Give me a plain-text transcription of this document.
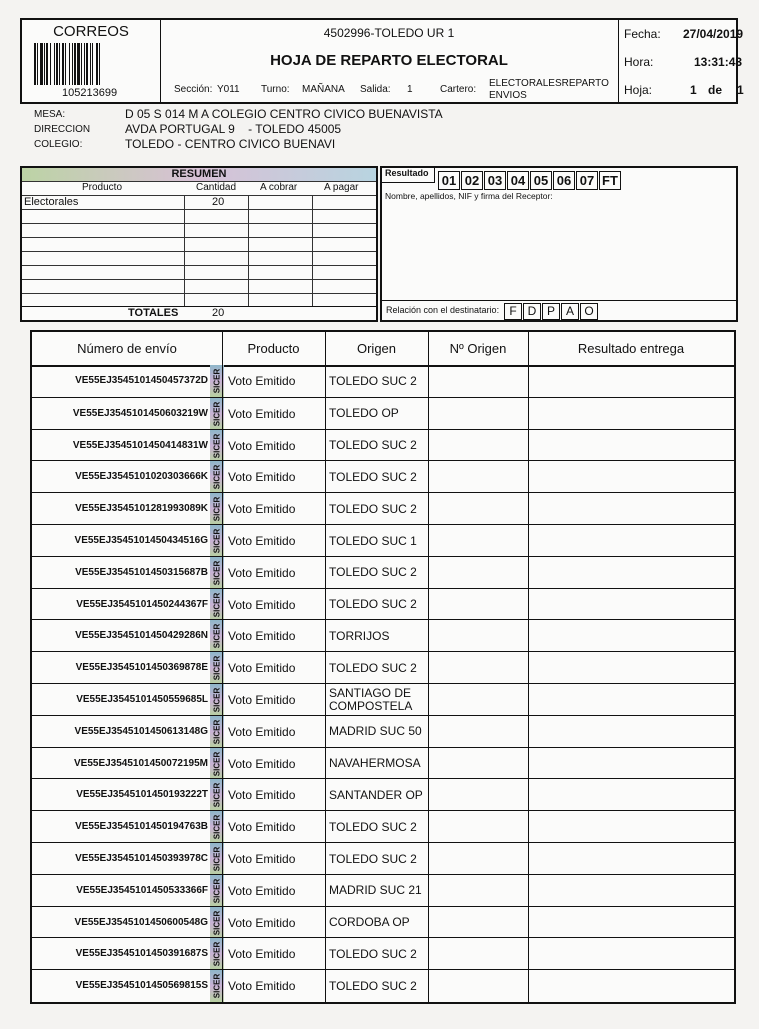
CORREOS
105213699
4502996-TOLEDO UR 1
HOJA DE REPARTO ELECTORAL
Sección: Y011 Turno: MAÑANA Salida: 1	Cartero:
ELECTORALESREPARTO
ENVIOS
Fecha: 27/04/2019
Hora:	13:31:43
Hoja:	1 de 1
MESA:	D 05 S 014 M A COLEGIO CENTRO CIVICO BUENAVISTA
DIRECCION	AVDA PORTUGAL 9    - TOLEDO 45005
COLEGIO:	TOLEDO - CENTRO CIVICO BUENAVI
RESUMEN
Producto	Cantidad A cobrar	A pagar
Electorales	20
TOTALES	20
Resultado 01 02 03 04 05 06 07 FT
Nombre, apellidos, NIF y firma del Receptor:
Relación con el destinatario: F D P A O
Número de envío	Producto	Origen	Nº Origen	Resultado entrega
VE55EJ3545101450457372D SICER Voto Emitido	TOLEDO SUC 2
VE55EJ3545101450603219W SICER Voto Emitido	TOLEDO OP
VE55EJ3545101450414831W SICER Voto Emitido	TOLEDO SUC 2
VE55EJ3545101020303666K SICER Voto Emitido	TOLEDO SUC 2
VE55EJ3545101281993089K SICER Voto Emitido	TOLEDO SUC 2
VE55EJ3545101450434516G SICER Voto Emitido	TOLEDO SUC 1
VE55EJ3545101450315687B SICER Voto Emitido	TOLEDO SUC 2
VE55EJ3545101450244367F SICER Voto Emitido	TOLEDO SUC 2
VE55EJ3545101450429286N SICER Voto Emitido	TORRIJOS
VE55EJ3545101450369878E SICER Voto Emitido	TOLEDO SUC 2
VE55EJ3545101450559685L SICER Voto Emitido	SANTIAGO DE COMPOSTELA
VE55EJ3545101450613148G SICER Voto Emitido	MADRID SUC 50
VE55EJ3545101450072195M SICER Voto Emitido	NAVAHERMOSA
VE55EJ3545101450193222T SICER Voto Emitido	SANTANDER OP
VE55EJ3545101450194763B SICER Voto Emitido	TOLEDO SUC 2
VE55EJ3545101450393978C SICER Voto Emitido	TOLEDO SUC 2
VE55EJ3545101450533366F SICER Voto Emitido	MADRID SUC 21
VE55EJ3545101450600548G SICER Voto Emitido	CORDOBA OP
VE55EJ3545101450391687S SICER Voto Emitido	TOLEDO SUC 2
VE55EJ3545101450569815S SICER Voto Emitido	TOLEDO SUC 2
